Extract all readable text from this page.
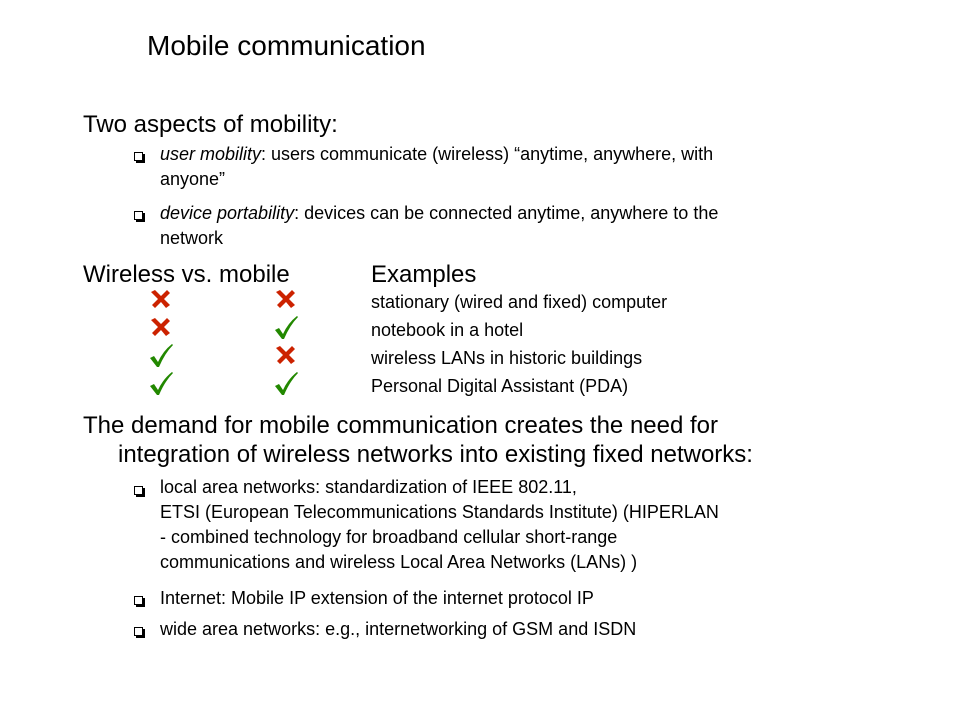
Mobile communication
Two aspects of mobility:
user mobility: users communicate (wireless) “anytime, anywhere, with
anyone”
device portability: devices can be connected anytime, anywhere to the
network
Wireless vs. mobile	Examples
stationary (wired and fixed) computer
notebook in a hotel
wireless LANs in historic buildings
Personal Digital Assistant (PDA)
The demand for mobile communication creates the need for
integration of wireless networks into existing fixed networks:
local area networks: standardization of IEEE 802.11,
ETSI (European Telecommunications Standards Institute) (HIPERLAN
- combined technology for broadband cellular short-range
communications and wireless Local Area Networks (LANs) )
Internet: Mobile IP extension of the internet protocol IP
wide area networks: e.g., internetworking of GSM and ISDN
